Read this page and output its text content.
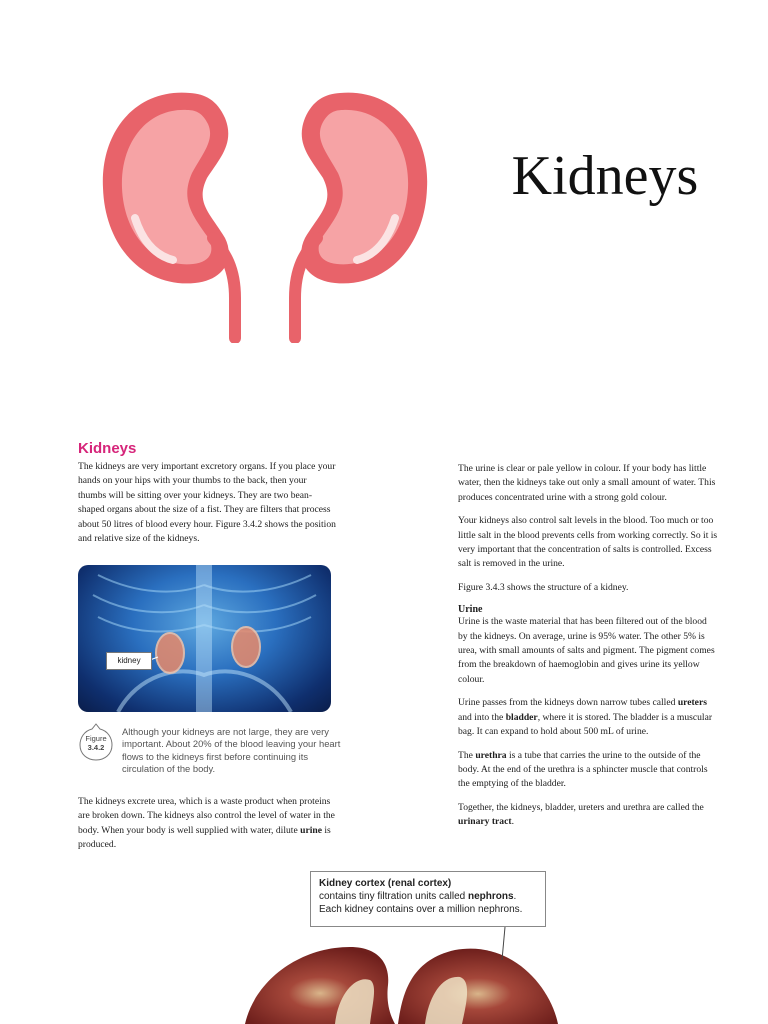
Kidneys
Kidneys

The kidneys are very important excretory organs. If you place your hands on your hips with your thumbs to the back, then your thumbs will be sitting over your kidneys. They are two bean-shaped organs about the size of a fist. They are filters that process about 50 litres of blood every hour. Figure 3.4.2 shows the position and relative size of the kidneys.

kidney
Figure
3.4.2
Although your kidneys are not large, they are very important. About 20% of the blood leaving your heart flows to the kidneys first before continuing its circulation of the body.

The kidneys excrete urea, which is a waste product when proteins are broken down. The kidneys also control the level of water in the body. When your body is well supplied with water, dilute urine is produced.

The urine is clear or pale yellow in colour. If your body has little water, then the kidneys take out only a small amount of water. This produces concentrated urine with a strong gold colour.

Your kidneys also control salt levels in the blood. Too much or too little salt in the blood prevents cells from working correctly. So it is very important that the concentration of salts is controlled. Excess salt is removed in the urine.

Figure 3.4.3 shows the structure of a kidney.

Urine

Urine is the waste material that has been filtered out of the blood by the kidneys. On average, urine is 95% water. The other 5% is urea, with small amounts of salts and pigment. The pigment comes from the breakdown of haemoglobin and gives urine its yellow colour.

Urine passes from the kidneys down narrow tubes called ureters and into the bladder, where it is stored. The bladder is a muscular bag. It can expand to hold about 500 mL of urine.

The urethra is a tube that carries the urine to the outside of the body. At the end of the urethra is a sphincter muscle that controls the emptying of the bladder.

Together, the kidneys, bladder, ureters and urethra are called the urinary tract.

Kidney cortex (renal cortex)
contains tiny filtration units called nephrons.
Each kidney contains over a million nephrons.
